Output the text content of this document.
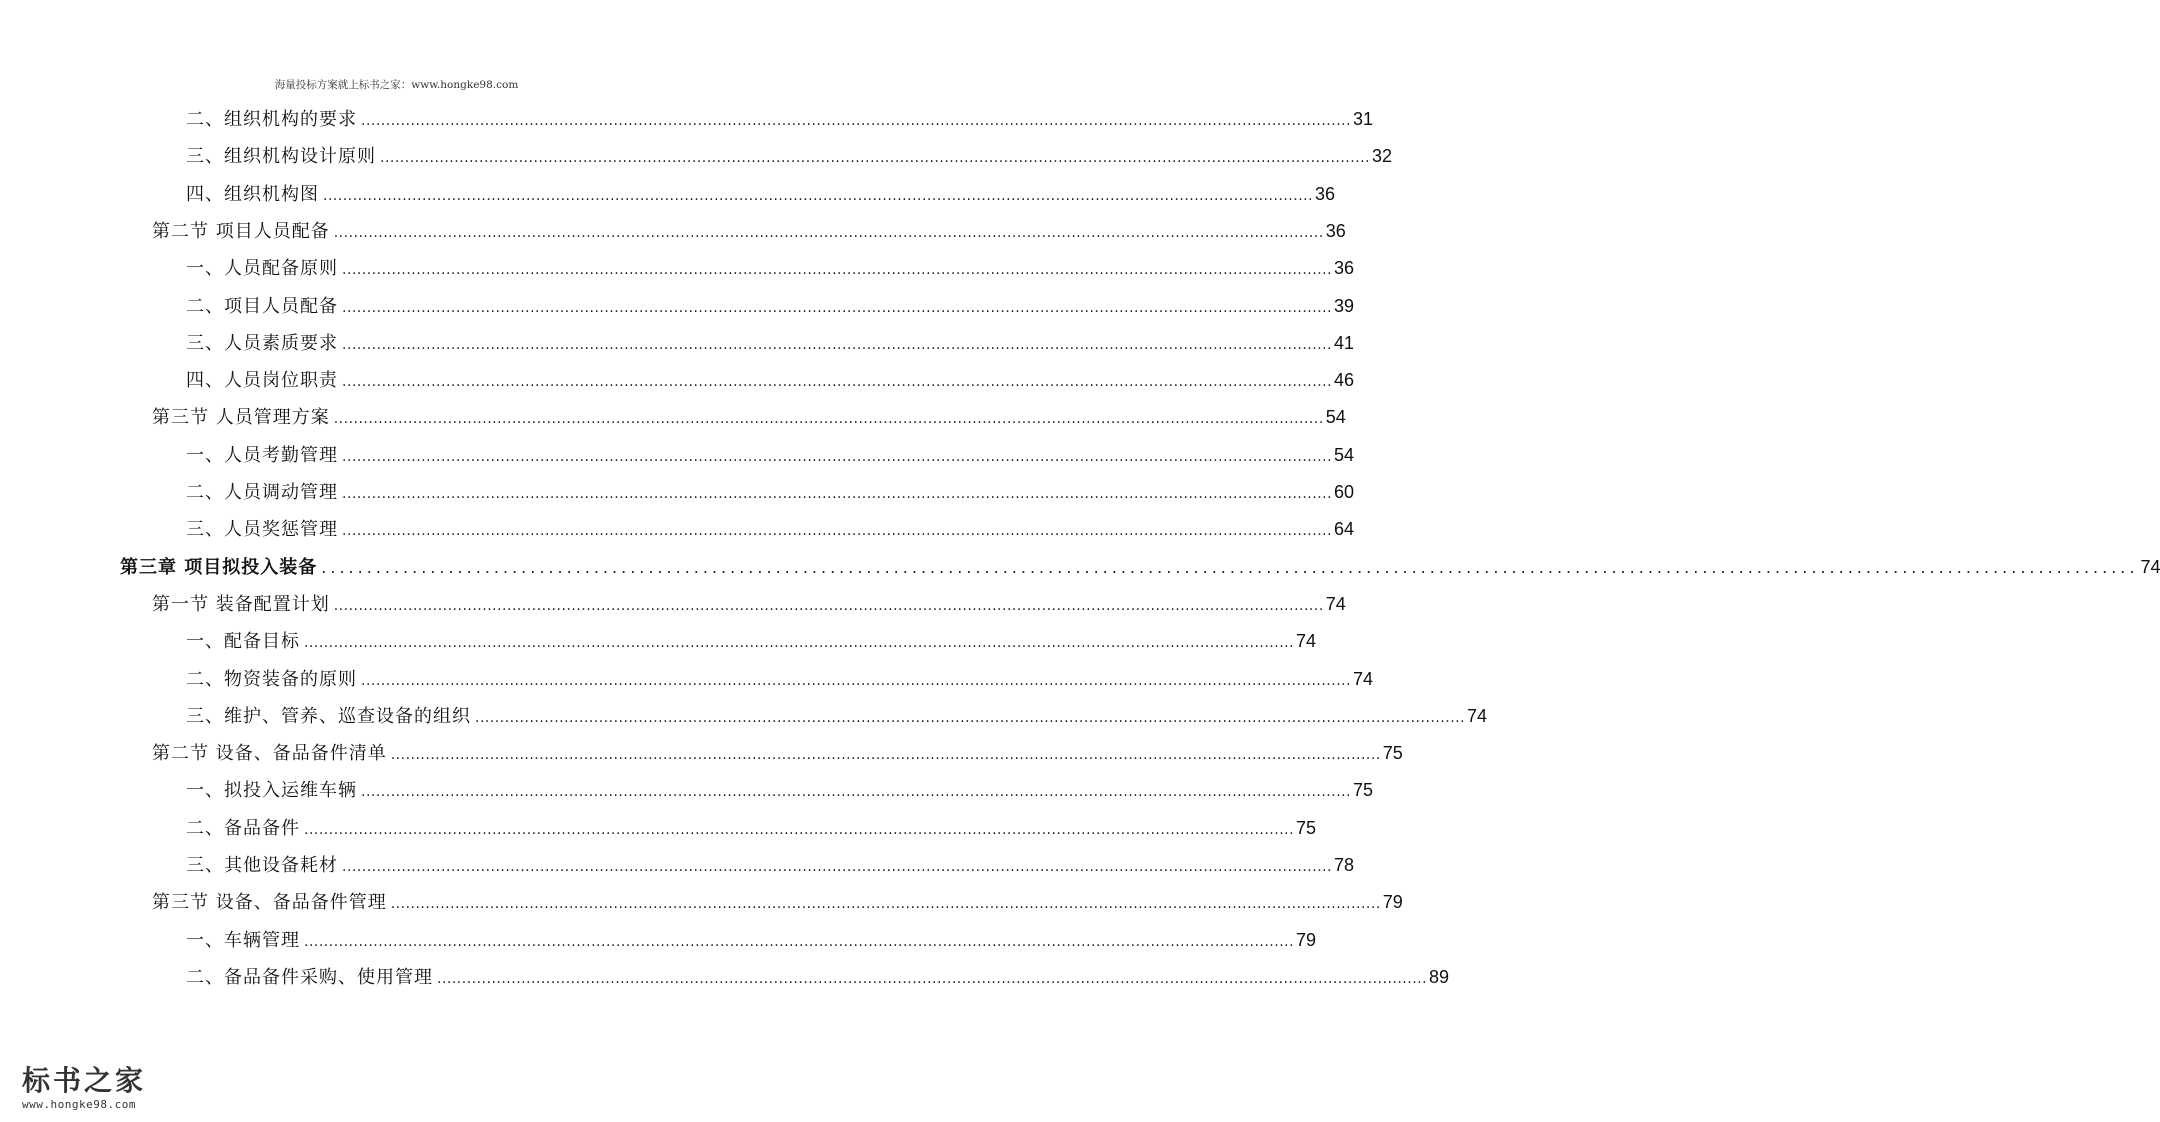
海量投标方案就上标书之家：www.hongke98.com
二、组织机构的要求 ........................................................................................................................................................................................................ 31
三、组织机构设计原则 ........................................................................................................................................................................................................ 32
四、组织机构图 ........................................................................................................................................................................................................ 36
第二节 项目人员配备 ........................................................................................................................................................................................................ 36
一、人员配备原则 ........................................................................................................................................................................................................ 36
二、项目人员配备 ........................................................................................................................................................................................................ 39
三、人员素质要求 ........................................................................................................................................................................................................ 41
四、人员岗位职责 ........................................................................................................................................................................................................ 46
第三节 人员管理方案 ........................................................................................................................................................................................................ 54
一、人员考勤管理 ........................................................................................................................................................................................................ 54
二、人员调动管理 ........................................................................................................................................................................................................ 60
三、人员奖惩管理 ........................................................................................................................................................................................................ 64
第三章 项目拟投入装备 ........................................................................................................................................................................................................ 74
第一节 装备配置计划 ........................................................................................................................................................................................................ 74
一、配备目标 ........................................................................................................................................................................................................ 74
二、物资装备的原则 ........................................................................................................................................................................................................ 74
三、维护、管养、巡查设备的组织 ........................................................................................................................................................................................................ 74
第二节 设备、备品备件清单 ........................................................................................................................................................................................................ 75
一、拟投入运维车辆 ........................................................................................................................................................................................................ 75
二、备品备件 ........................................................................................................................................................................................................ 75
三、其他设备耗材 ........................................................................................................................................................................................................ 78
第三节 设备、备品备件管理 ........................................................................................................................................................................................................ 79
一、车辆管理 ........................................................................................................................................................................................................ 79
二、备品备件采购、使用管理 ........................................................................................................................................................................................................ 89
标书之家
www.hongke98.com
